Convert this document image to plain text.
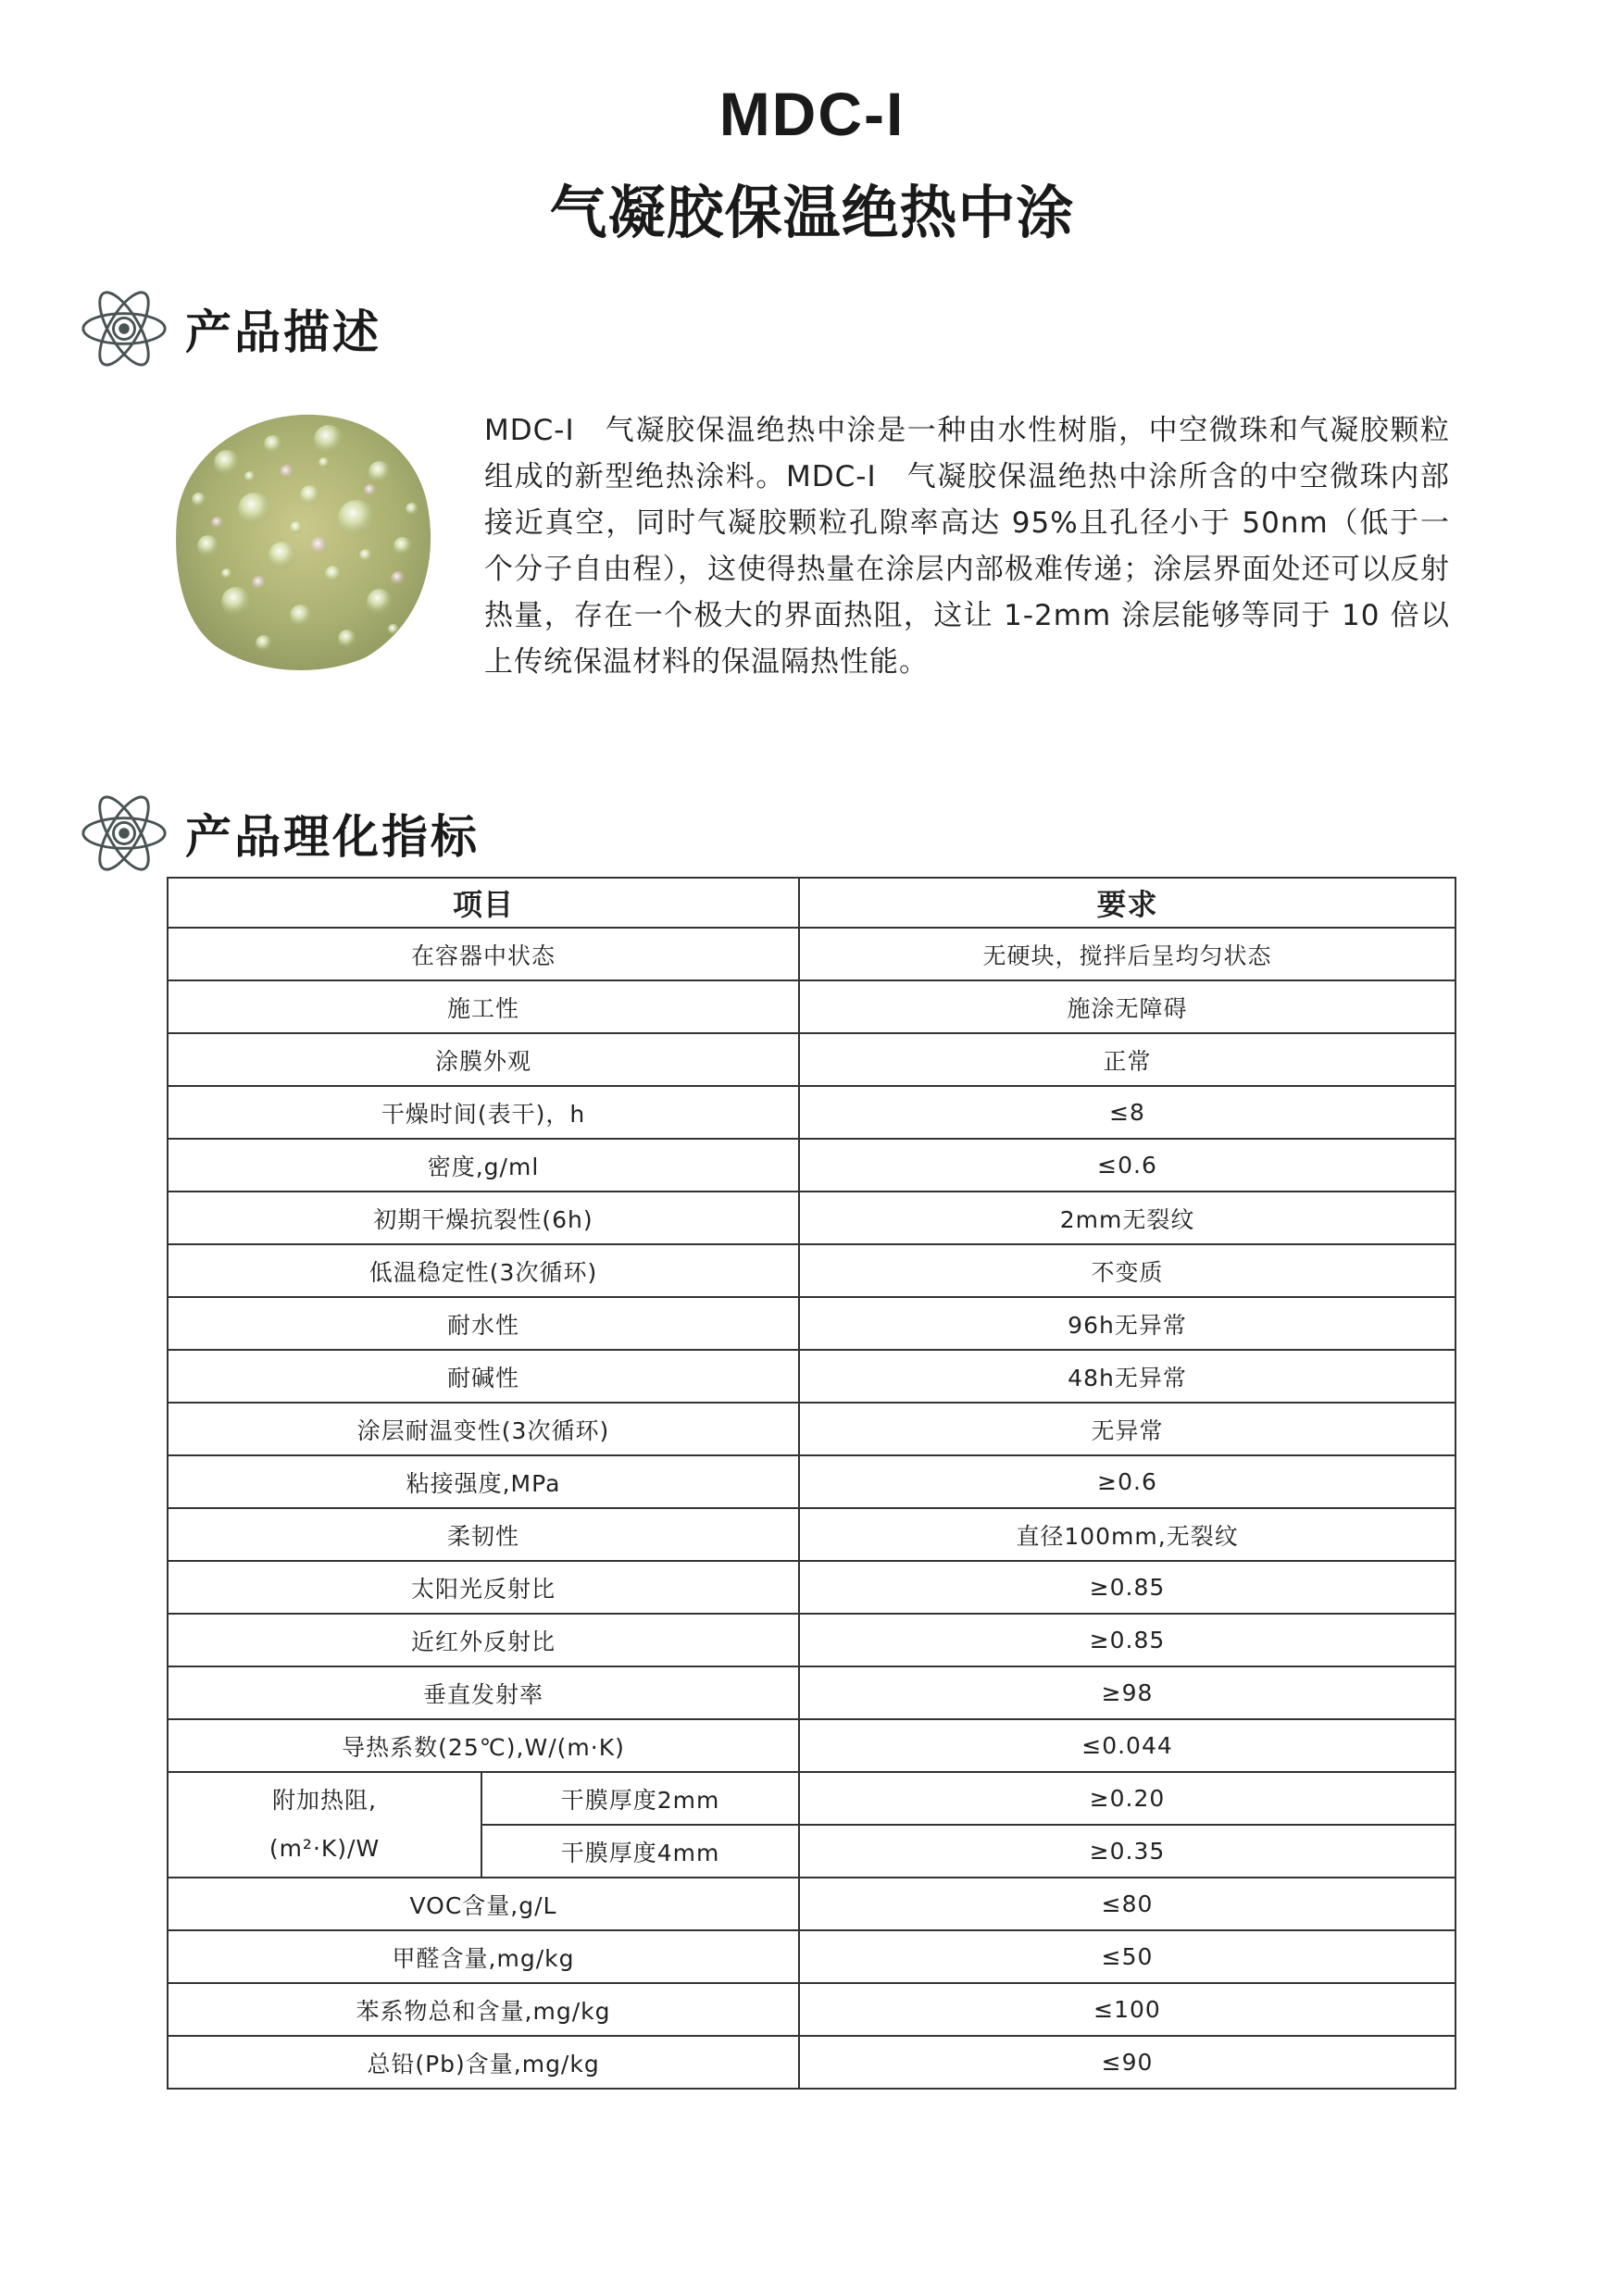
MDC-I
气凝胶保温绝热中涂
产品描述
MDC-I　气凝胶保温绝热中涂是一种由水性树脂，中空微珠和气凝胶颗粒组成的新型绝热涂料。MDC-I　气凝胶保温绝热中涂所含的中空微珠内部接近真空，同时气凝胶颗粒孔隙率高达 95%且孔径小于 50nm（低于一个分子自由程），这使得热量在涂层内部极难传递；涂层界面处还可以反射热量，存在一个极大的界面热阻，这让 1-2mm 涂层能够等同于 10 倍以上传统保温材料的保温隔热性能。
产品理化指标
项目		要求
在容器中状态		无硬块，搅拌后呈均匀状态
施工性		施涂无障碍
涂膜外观		正常
干燥时间(表干)，h		≤8
密度,g/ml		≤0.6
初期干燥抗裂性(6h)		2mm无裂纹
低温稳定性(3次循环)		不变质
耐水性		96h无异常
耐碱性		48h无异常
涂层耐温变性(3次循环)		无异常
粘接强度,MPa		≥0.6
柔韧性		直径100mm,无裂纹
太阳光反射比		≥0.85
近红外反射比		≥0.85
垂直发射率		≥98
导热系数(25℃),W/(m·K)		≤0.044
附加热阻,
(m²·K)/W	干膜厚度2mm	≥0.20
	干膜厚度4mm	≥0.35
VOC含量,g/L		≤80
甲醛含量,mg/kg		≤50
苯系物总和含量,mg/kg		≤100
总铅(Pb)含量,mg/kg		≤90
